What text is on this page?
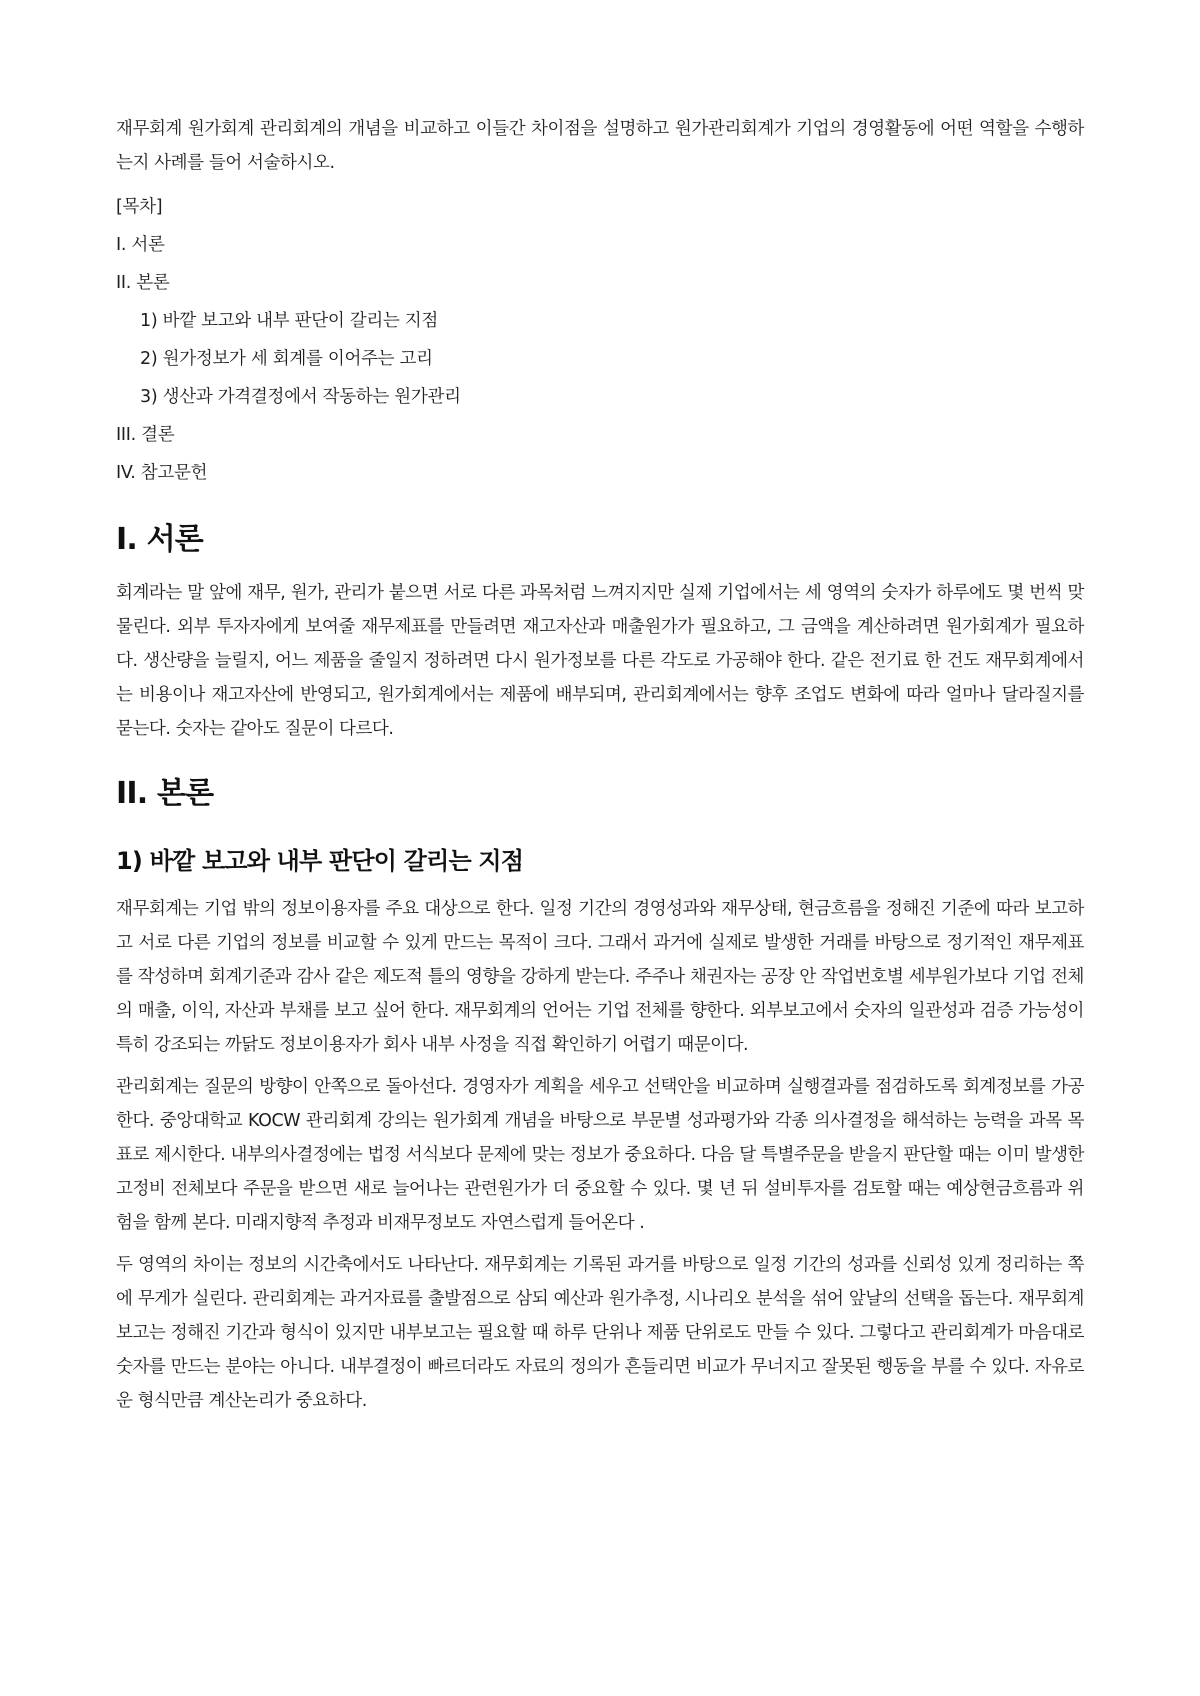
재무회계 원가회계 관리회계의 개념을 비교하고 이들간 차이점을 설명하고 원가관리회계가 기업의 경영활동에 어떤 역할을 수행하는지 사례를 들어 서술하시오.

[목차]

I. 서론

II. 본론

1) 바깥 보고와 내부 판단이 갈리는 지점

2) 원가정보가 세 회계를 이어주는 고리

3) 생산과 가격결정에서 작동하는 원가관리

III. 결론

IV. 참고문헌

I. 서론

회계라는 말 앞에 재무, 원가, 관리가 붙으면 서로 다른 과목처럼 느껴지지만 실제 기업에서는 세 영역의 숫자가 하루에도 몇 번씩 맞물린다. 외부 투자자에게 보여줄 재무제표를 만들려면 재고자산과 매출원가가 필요하고, 그 금액을 계산하려면 원가회계가 필요하다. 생산량을 늘릴지, 어느 제품을 줄일지 정하려면 다시 원가정보를 다른 각도로 가공해야 한다. 같은 전기료 한 건도 재무회계에서는 비용이나 재고자산에 반영되고, 원가회계에서는 제품에 배부되며, 관리회계에서는 향후 조업도 변화에 따라 얼마나 달라질지를 묻는다. 숫자는 같아도 질문이 다르다.

II. 본론
1) 바깥 보고와 내부 판단이 갈리는 지점

재무회계는 기업 밖의 정보이용자를 주요 대상으로 한다. 일정 기간의 경영성과와 재무상태, 현금흐름을 정해진 기준에 따라 보고하고 서로 다른 기업의 정보를 비교할 수 있게 만드는 목적이 크다. 그래서 과거에 실제로 발생한 거래를 바탕으로 정기적인 재무제표를 작성하며 회계기준과 감사 같은 제도적 틀의 영향을 강하게 받는다. 주주나 채권자는 공장 안 작업번호별 세부원가보다 기업 전체의 매출, 이익, 자산과 부채를 보고 싶어 한다. 재무회계의 언어는 기업 전체를 향한다. 외부보고에서 숫자의 일관성과 검증 가능성이 특히 강조되는 까닭도 정보이용자가 회사 내부 사정을 직접 확인하기 어렵기 때문이다.

관리회계는 질문의 방향이 안쪽으로 돌아선다. 경영자가 계획을 세우고 선택안을 비교하며 실행결과를 점검하도록 회계정보를 가공한다. 중앙대학교 KOCW 관리회계 강의는 원가회계 개념을 바탕으로 부문별 성과평가와 각종 의사결정을 해석하는 능력을 과목 목표로 제시한다. 내부의사결정에는 법정 서식보다 문제에 맞는 정보가 중요하다. 다음 달 특별주문을 받을지 판단할 때는 이미 발생한 고정비 전체보다 주문을 받으면 새로 늘어나는 관련원가가 더 중요할 수 있다. 몇 년 뒤 설비투자를 검토할 때는 예상현금흐름과 위험을 함께 본다. 미래지향적 추정과 비재무정보도 자연스럽게 들어온다 .

두 영역의 차이는 정보의 시간축에서도 나타난다. 재무회계는 기록된 과거를 바탕으로 일정 기간의 성과를 신뢰성 있게 정리하는 쪽에 무게가 실린다. 관리회계는 과거자료를 출발점으로 삼되 예산과 원가추정, 시나리오 분석을 섞어 앞날의 선택을 돕는다. 재무회계 보고는 정해진 기간과 형식이 있지만 내부보고는 필요할 때 하루 단위나 제품 단위로도 만들 수 있다. 그렇다고 관리회계가 마음대로 숫자를 만드는 분야는 아니다. 내부결정이 빠르더라도 자료의 정의가 흔들리면 비교가 무너지고 잘못된 행동을 부를 수 있다. 자유로운 형식만큼 계산논리가 중요하다.
